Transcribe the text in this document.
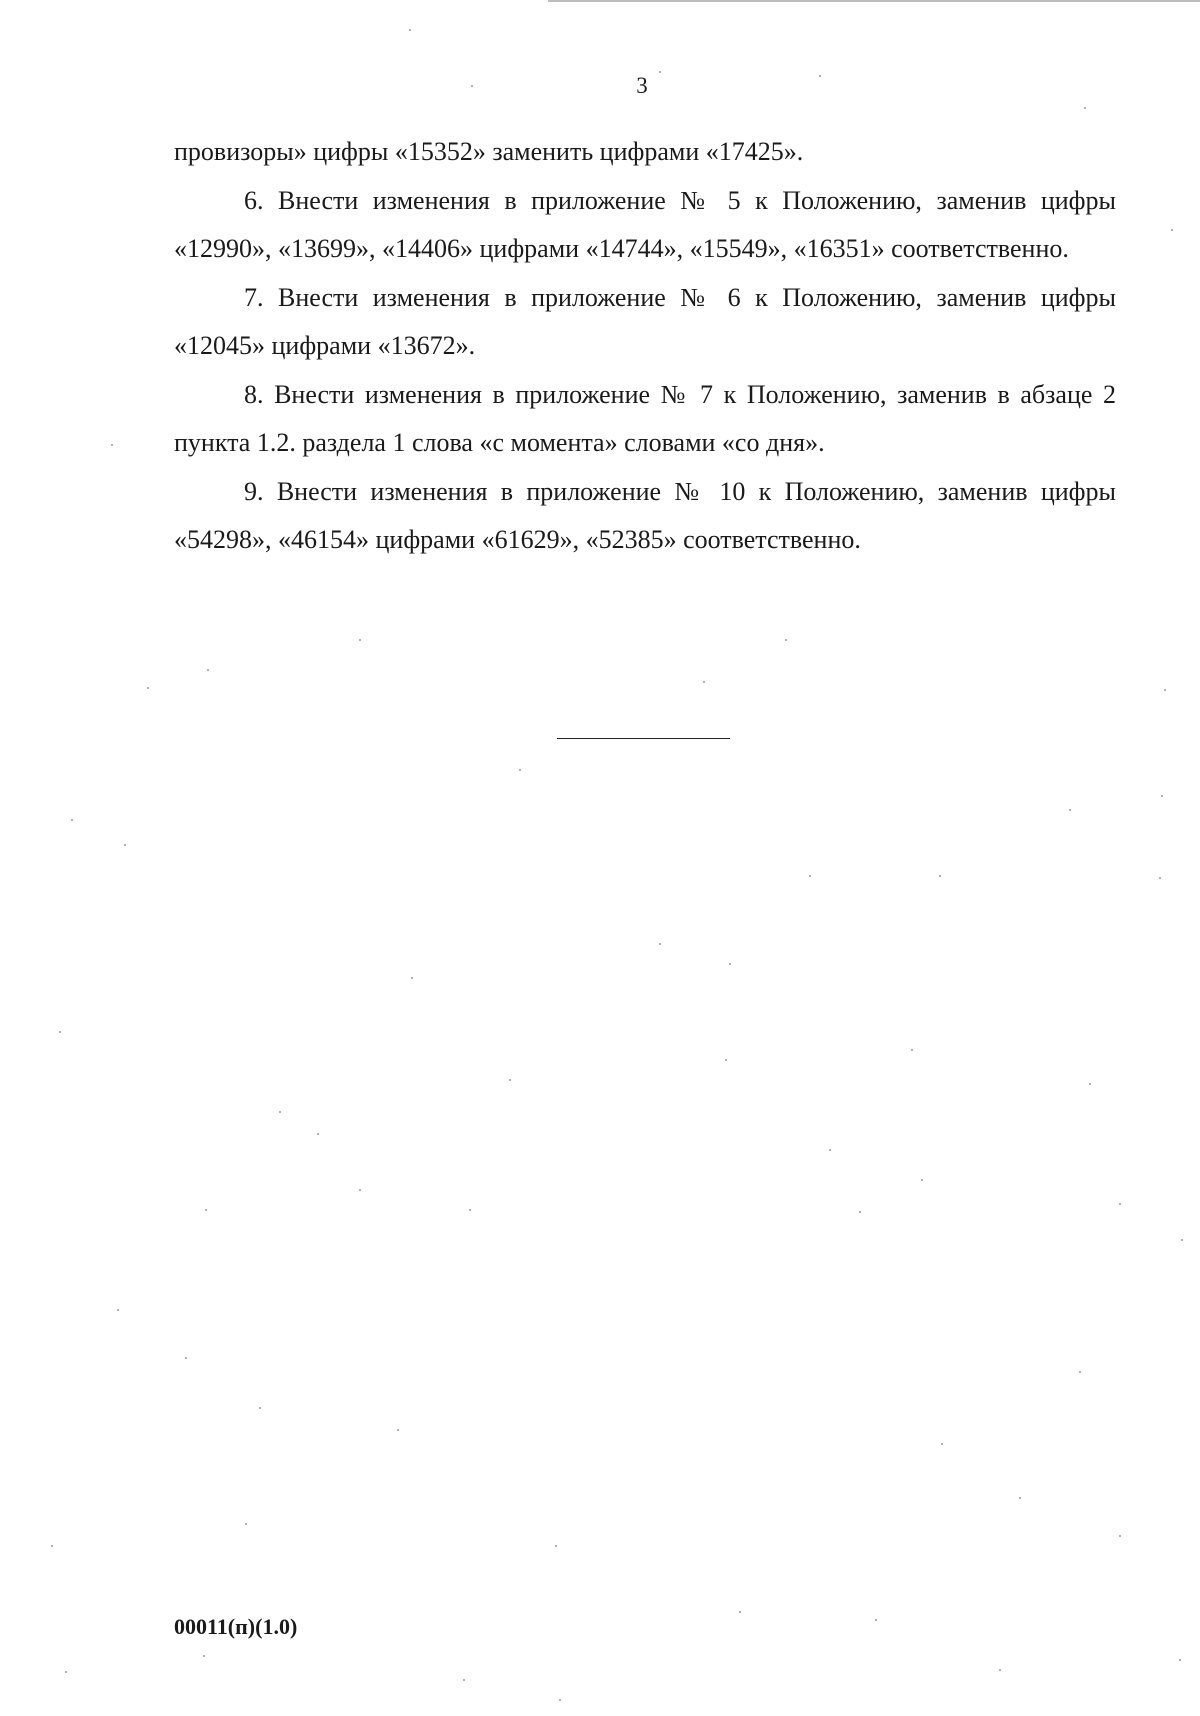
3

провизоры» цифры «15352» заменить цифрами «17425».

6. Внести изменения в приложение № 5 к Положению, заменив цифры «12990», «13699», «14406» цифрами «14744», «15549», «16351» соответственно.

7. Внести изменения в приложение № 6 к Положению, заменив цифры «12045» цифрами «13672».

8. Внести изменения в приложение № 7 к Положению, заменив в абзаце 2 пункта 1.2. раздела 1 слова «с момента» словами «со дня».

9. Внести изменения в приложение № 10 к Положению, заменив цифры «54298», «46154» цифрами «61629», «52385» соответственно.

00011(п)(1.0)
